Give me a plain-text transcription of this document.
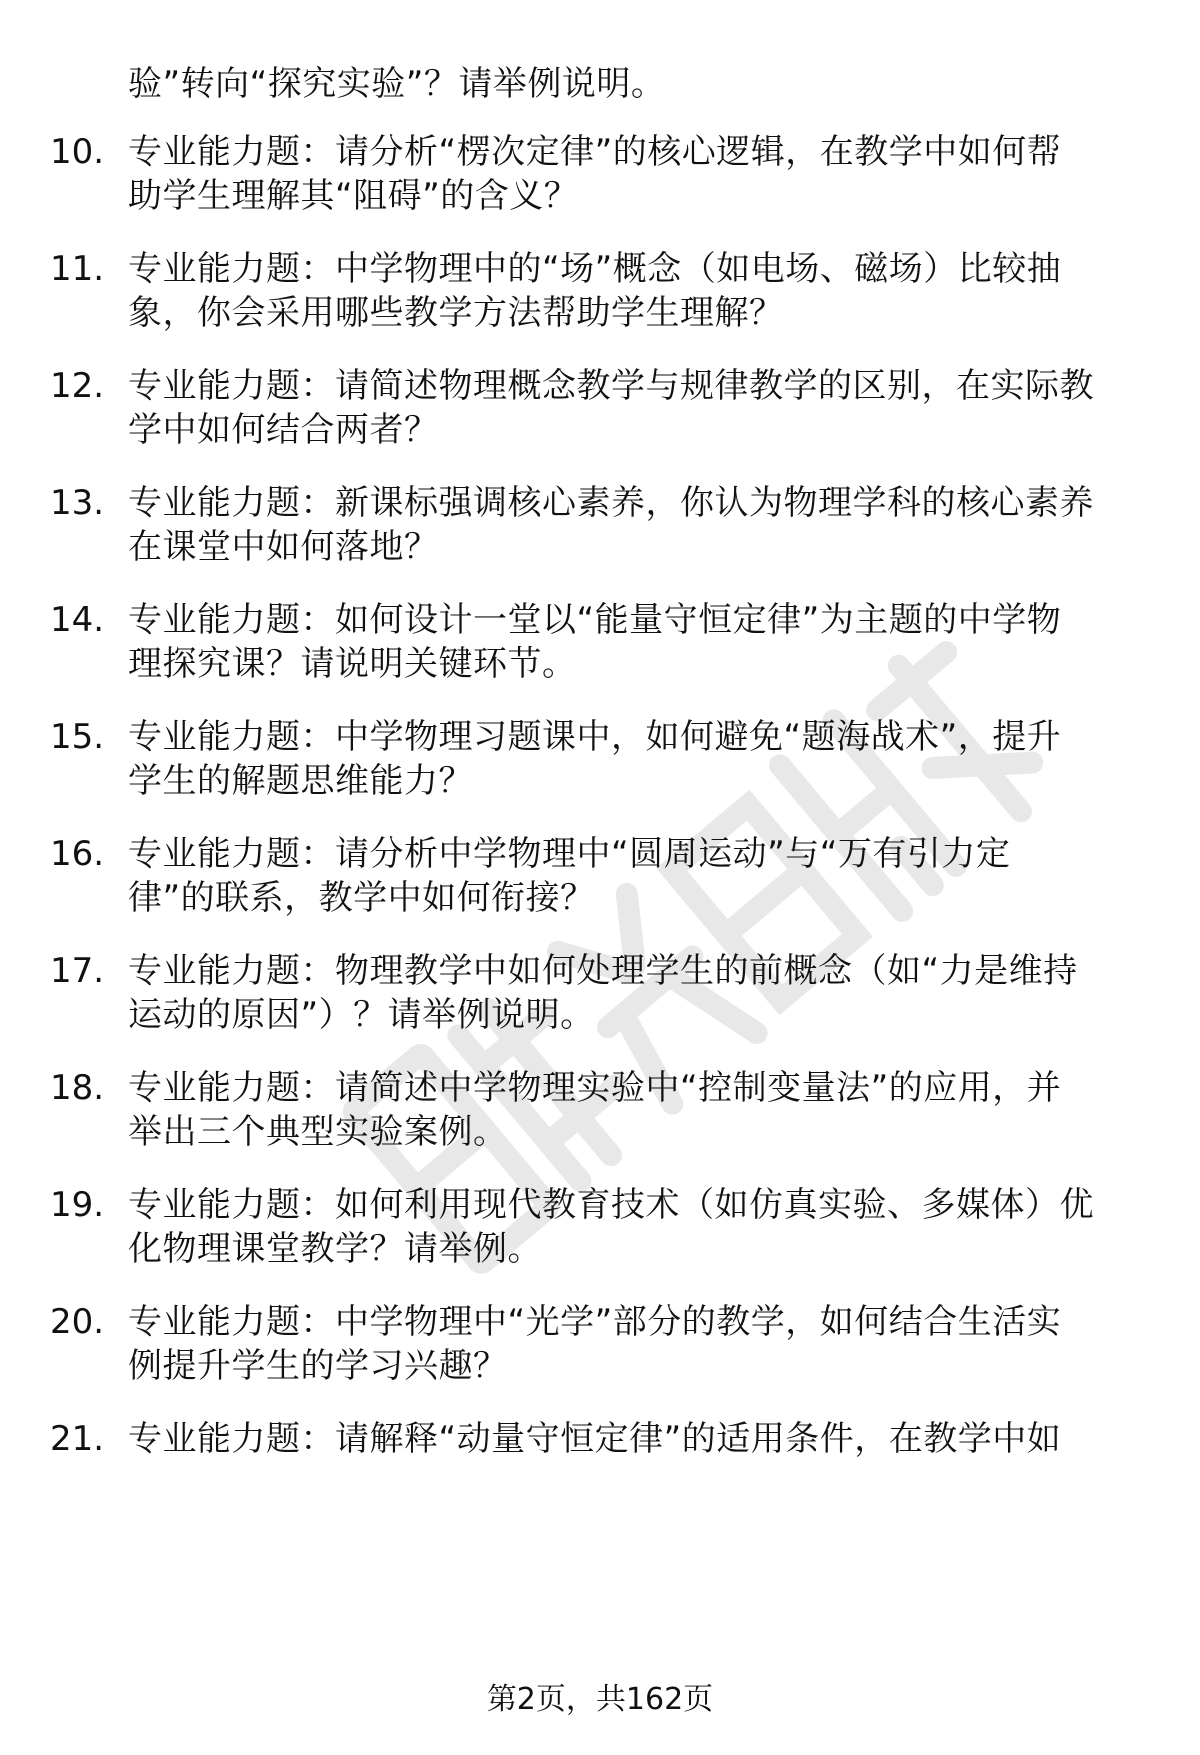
验”转向“探究实验”？请举例说明。
10. 专业能力题：请分析“楞次定律”的核心逻辑，在教学中如何帮
助学生理解其“阻碍”的含义？
11. 专业能力题：中学物理中的“场”概念（如电场、磁场）比较抽
象，你会采用哪些教学方法帮助学生理解？
12. 专业能力题：请简述物理概念教学与规律教学的区别，在实际教
学中如何结合两者？
13. 专业能力题：新课标强调核心素养，你认为物理学科的核心素养
在课堂中如何落地？
14. 专业能力题：如何设计一堂以“能量守恒定律”为主题的中学物
理探究课？请说明关键环节。
15. 专业能力题：中学物理习题课中，如何避免“题海战术”，提升
学生的解题思维能力？
16. 专业能力题：请分析中学物理中“圆周运动”与“万有引力定
律”的联系，教学中如何衔接？
17. 专业能力题：物理教学中如何处理学生的前概念（如“力是维持
运动的原因”）？请举例说明。
18. 专业能力题：请简述中学物理实验中“控制变量法”的应用，并
举出三个典型实验案例。
19. 专业能力题：如何利用现代教育技术（如仿真实验、多媒体）优
化物理课堂教学？请举例。
20. 专业能力题：中学物理中“光学”部分的教学，如何结合生活实
例提升学生的学习兴趣？
21. 专业能力题：请解释“动量守恒定律”的适用条件，在教学中如
第2页，共162页
